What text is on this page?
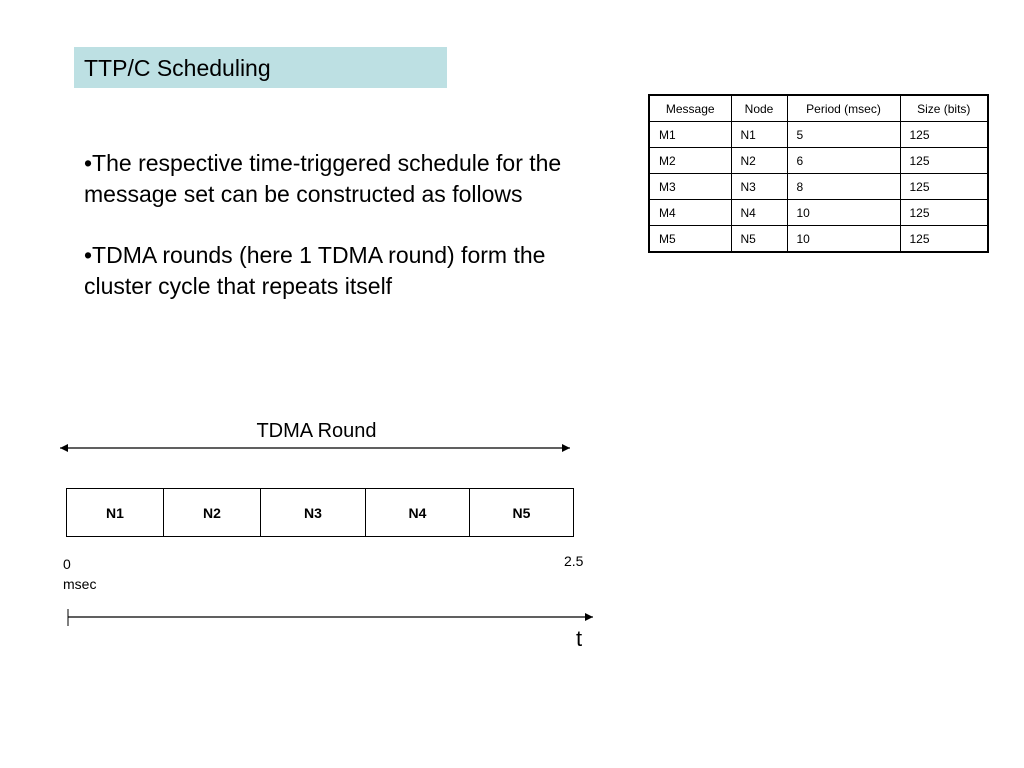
TTP/C Scheduling

•The respective time-triggered schedule for the message set can be constructed as follows

•TDMA rounds (here 1 TDMA round) form the cluster cycle that repeats itself

Message	Node	Period (msec)	Size (bits)
M1	N1	5	125
M2	N2	6	125
M3	N3	8	125
M4	N4	10	125
M5	N5	10	125
TDMA Round
N1	N2	N3	N4	N5
0
msec
2.5
t
